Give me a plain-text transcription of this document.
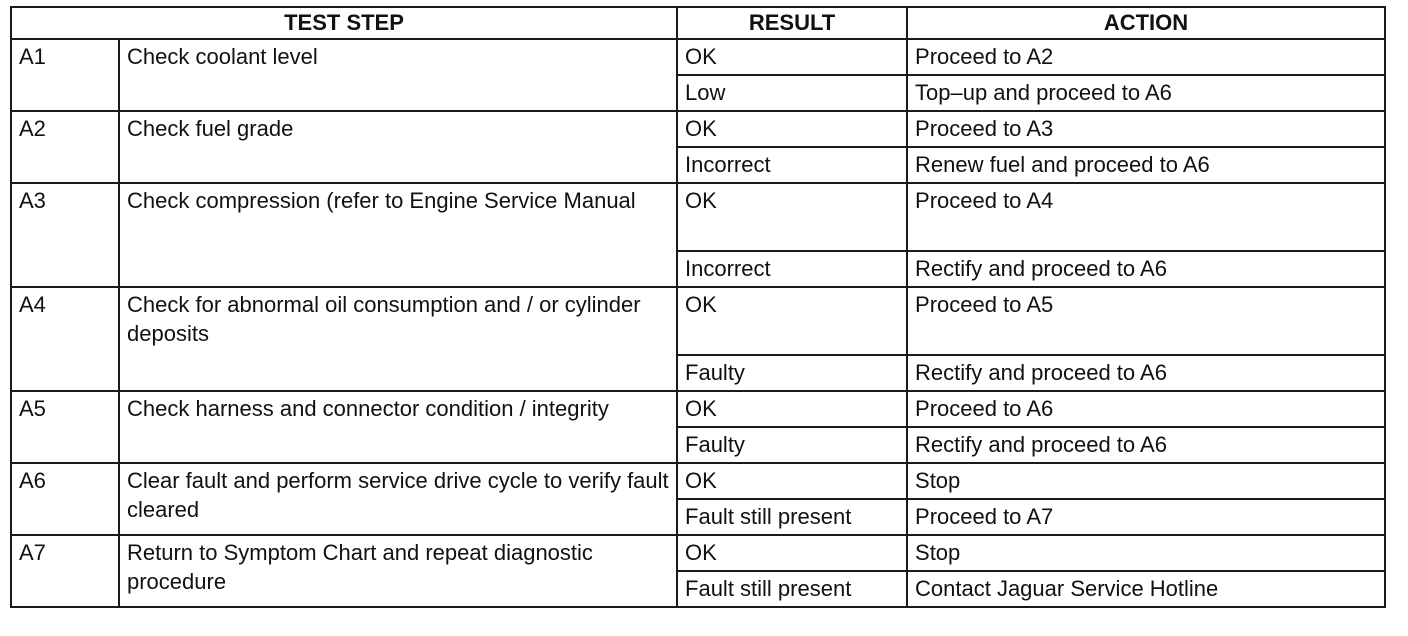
TEST STEP		RESULT	ACTION
A1	Check coolant level	OK	Proceed to A2
		Low	Top–up and proceed to A6
A2	Check fuel grade	OK	Proceed to A3
		Incorrect	Renew fuel and proceed to A6
A3	Check compression (refer to Engine Service Manual	OK	Proceed to A4
		Incorrect	Rectify and proceed to A6
A4	Check for abnormal oil consumption and / or cylinder deposits	OK	Proceed to A5
		Faulty	Rectify and proceed to A6
A5	Check harness and connector condition / integrity	OK	Proceed to A6
		Faulty	Rectify and proceed to A6
A6	Clear fault and perform service drive cycle to verify fault cleared	OK	Stop
		Fault still present	Proceed to A7
A7	Return to Symptom Chart and repeat diagnostic procedure	OK	Stop
		Fault still present	Contact Jaguar Service Hotline
